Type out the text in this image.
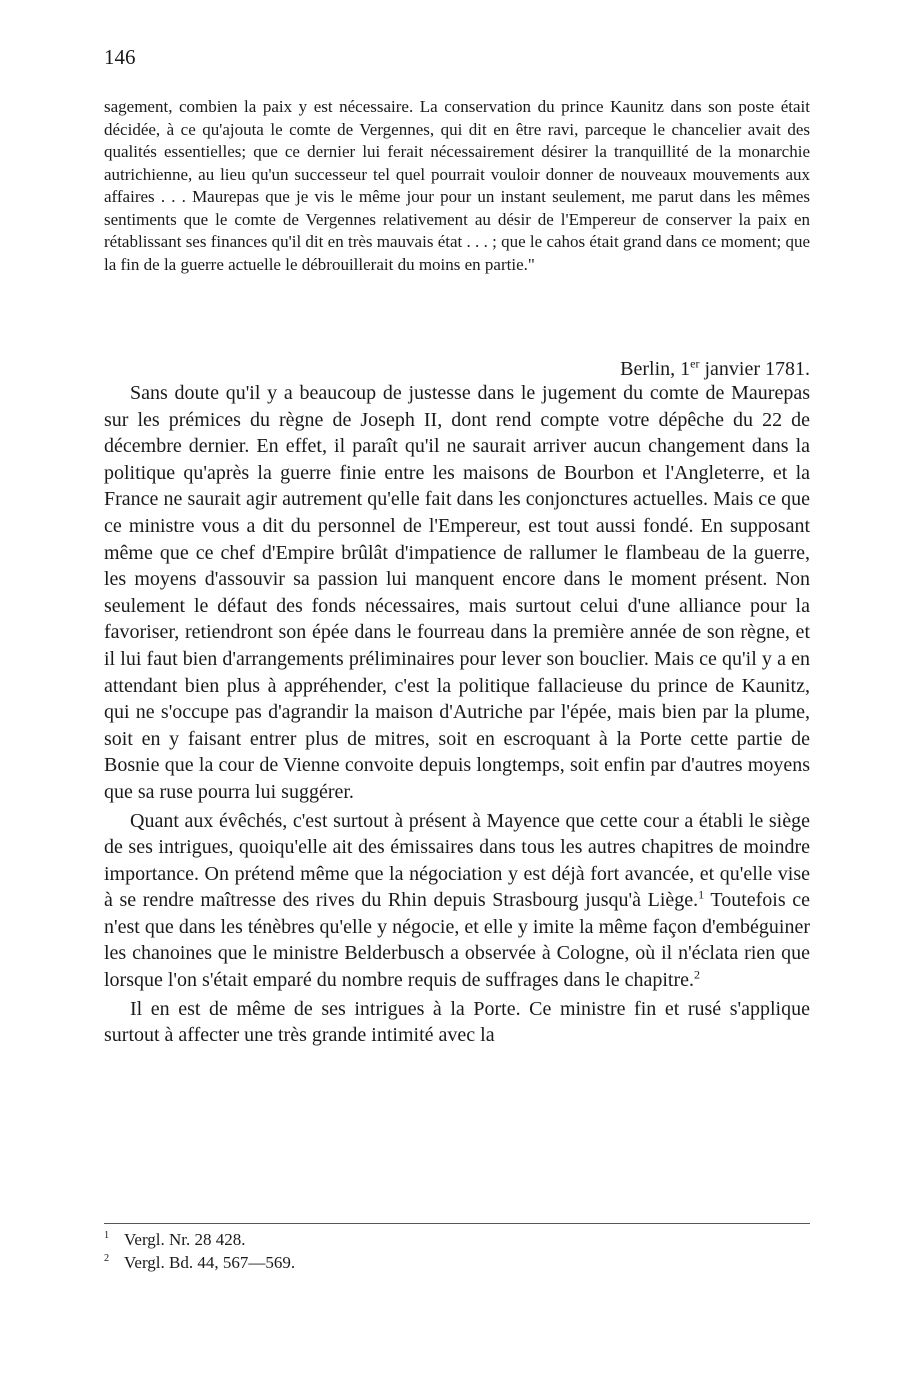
146

sagement, combien la paix y est nécessaire. La conservation du prince Kaunitz dans son poste était décidée, à ce qu'ajouta le comte de Vergennes, qui dit en être ravi, parceque le chancelier avait des qualités essentielles; que ce dernier lui ferait nécessairement désirer la tranquillité de la monarchie autrichienne, au lieu qu'un successeur tel quel pourrait vouloir donner de nouveaux mouvements aux affaires . . . Maurepas que je vis le même jour pour un instant seulement, me parut dans les mêmes sentiments que le comte de Vergennes relativement au désir de l'Empereur de conserver la paix en rétablissant ses finances qu'il dit en très mauvais état . . . ; que le cahos était grand dans ce moment; que la fin de la guerre actuelle le débrouillerait du moins en partie."

Berlin, 1er janvier 1781.

Sans doute qu'il y a beaucoup de justesse dans le jugement du comte de Maurepas sur les prémices du règne de Joseph II, dont rend compte votre dépêche du 22 de décembre dernier. En effet, il paraît qu'il ne saurait arriver aucun changement dans la politique qu'après la guerre finie entre les maisons de Bourbon et l'Angleterre, et la France ne saurait agir autrement qu'elle fait dans les conjonctures actuelles. Mais ce que ce ministre vous a dit du personnel de l'Empereur, est tout aussi fondé. En supposant même que ce chef d'Empire brûlât d'impatience de rallumer le flambeau de la guerre, les moyens d'assouvir sa passion lui manquent encore dans le moment présent. Non seulement le défaut des fonds nécessaires, mais surtout celui d'une alliance pour la favoriser, retiendront son épée dans le fourreau dans la première année de son règne, et il lui faut bien d'arrangements préliminaires pour lever son bouclier. Mais ce qu'il y a en attendant bien plus à appréhender, c'est la politique fallacieuse du prince de Kaunitz, qui ne s'occupe pas d'agrandir la maison d'Autriche par l'épée, mais bien par la plume, soit en y faisant entrer plus de mitres, soit en escroquant à la Porte cette partie de Bosnie que la cour de Vienne convoite depuis longtemps, soit enfin par d'autres moyens que sa ruse pourra lui suggérer.

Quant aux évêchés, c'est surtout à présent à Mayence que cette cour a établi le siège de ses intrigues, quoiqu'elle ait des émissaires dans tous les autres chapitres de moindre importance. On prétend même que la négociation y est déjà fort avancée, et qu'elle vise à se rendre maîtresse des rives du Rhin depuis Strasbourg jusqu'à Liège.$^1$ Toutefois ce n'est que dans les ténèbres qu'elle y négocie, et elle y imite la même façon d'embéguiner les chanoines que le ministre Belderbusch a observée à Cologne, où il n'éclata rien que lorsque l'on s'était emparé du nombre requis de suffrages dans le chapitre.$^2$

Il en est de même de ses intrigues à la Porte. Ce ministre fin et rusé s'applique surtout à affecter une très grande intimité avec la

$^1$ Vergl. Nr. 28 428.

$^2$ Vergl. Bd. 44, 567—569.
